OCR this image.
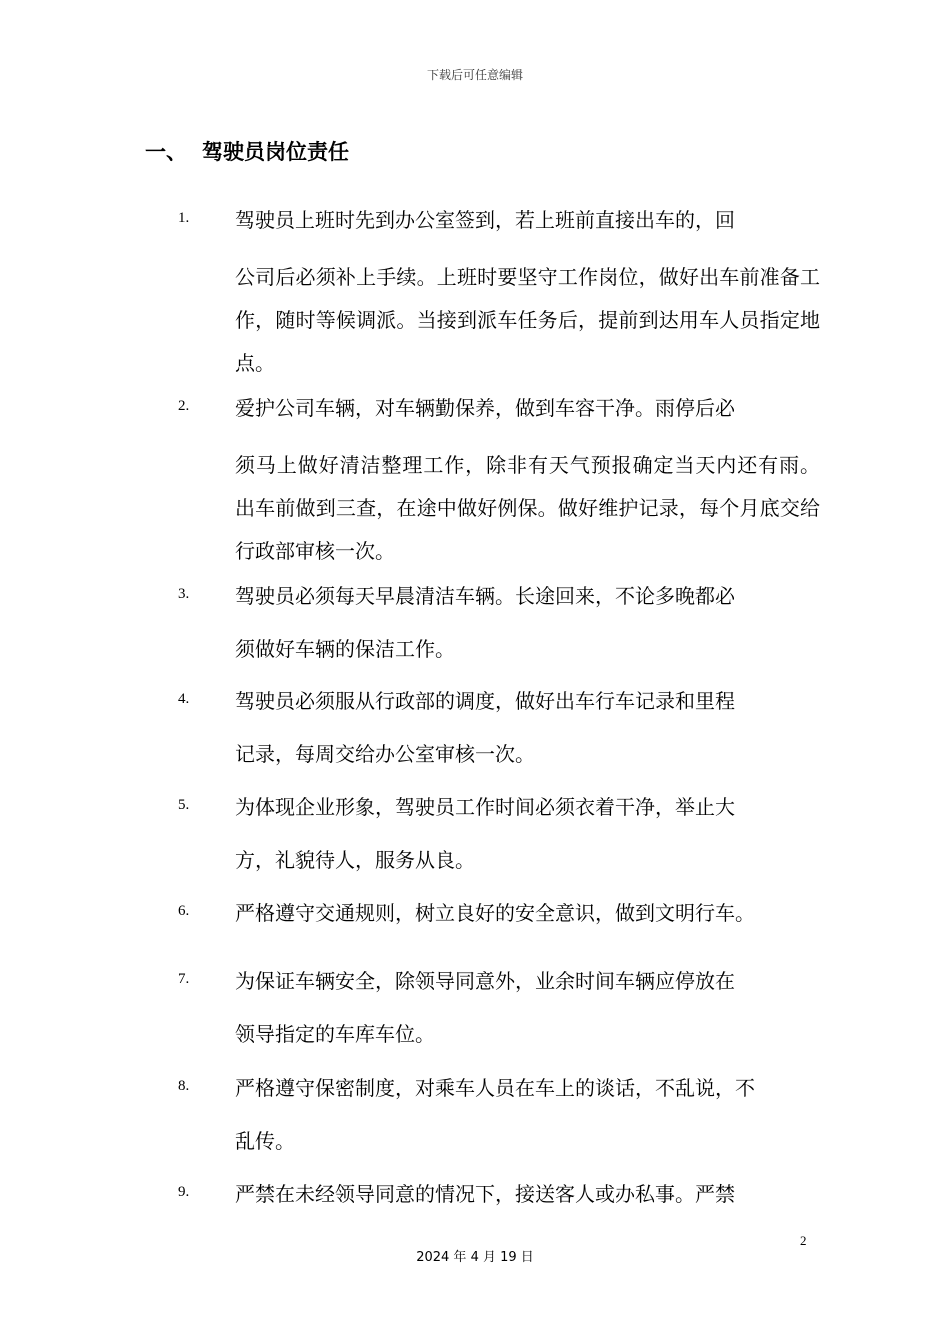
下载后可任意编辑
一、 驾驶员岗位责任
1. 驾驶员上班时先到办公室签到，若上班前直接出车的，回
公司后必须补上手续。上班时要坚守工作岗位，做好出车前准备工作，随时等候调派。当接到派车任务后，提前到达用车人员指定地点。
2. 爱护公司车辆，对车辆勤保养，做到车容干净。雨停后必
须马上做好清洁整理工作，除非有天气预报确定当天内还有雨。 出车前做到三查，在途中做好例保。做好维护记录，每个月底交给行政部审核一次。
3. 驾驶员必须每天早晨清洁车辆。长途回来，不论多晚都必
须做好车辆的保洁工作。
4. 驾驶员必须服从行政部的调度，做好出车行车记录和里程
记录，每周交给办公室审核一次。
5. 为体现企业形象，驾驶员工作时间必须衣着干净，举止大
方，礼貌待人，服务从良。
6. 严格遵守交通规则，树立良好的安全意识，做到文明行车。
7. 为保证车辆安全，除领导同意外，业余时间车辆应停放在
领导指定的车库车位。
8. 严格遵守保密制度，对乘车人员在车上的谈话，不乱说，不
乱传。
9. 严禁在未经领导同意的情况下，接送客人或办私事。严禁
2
2024 年 4 月 19 日
